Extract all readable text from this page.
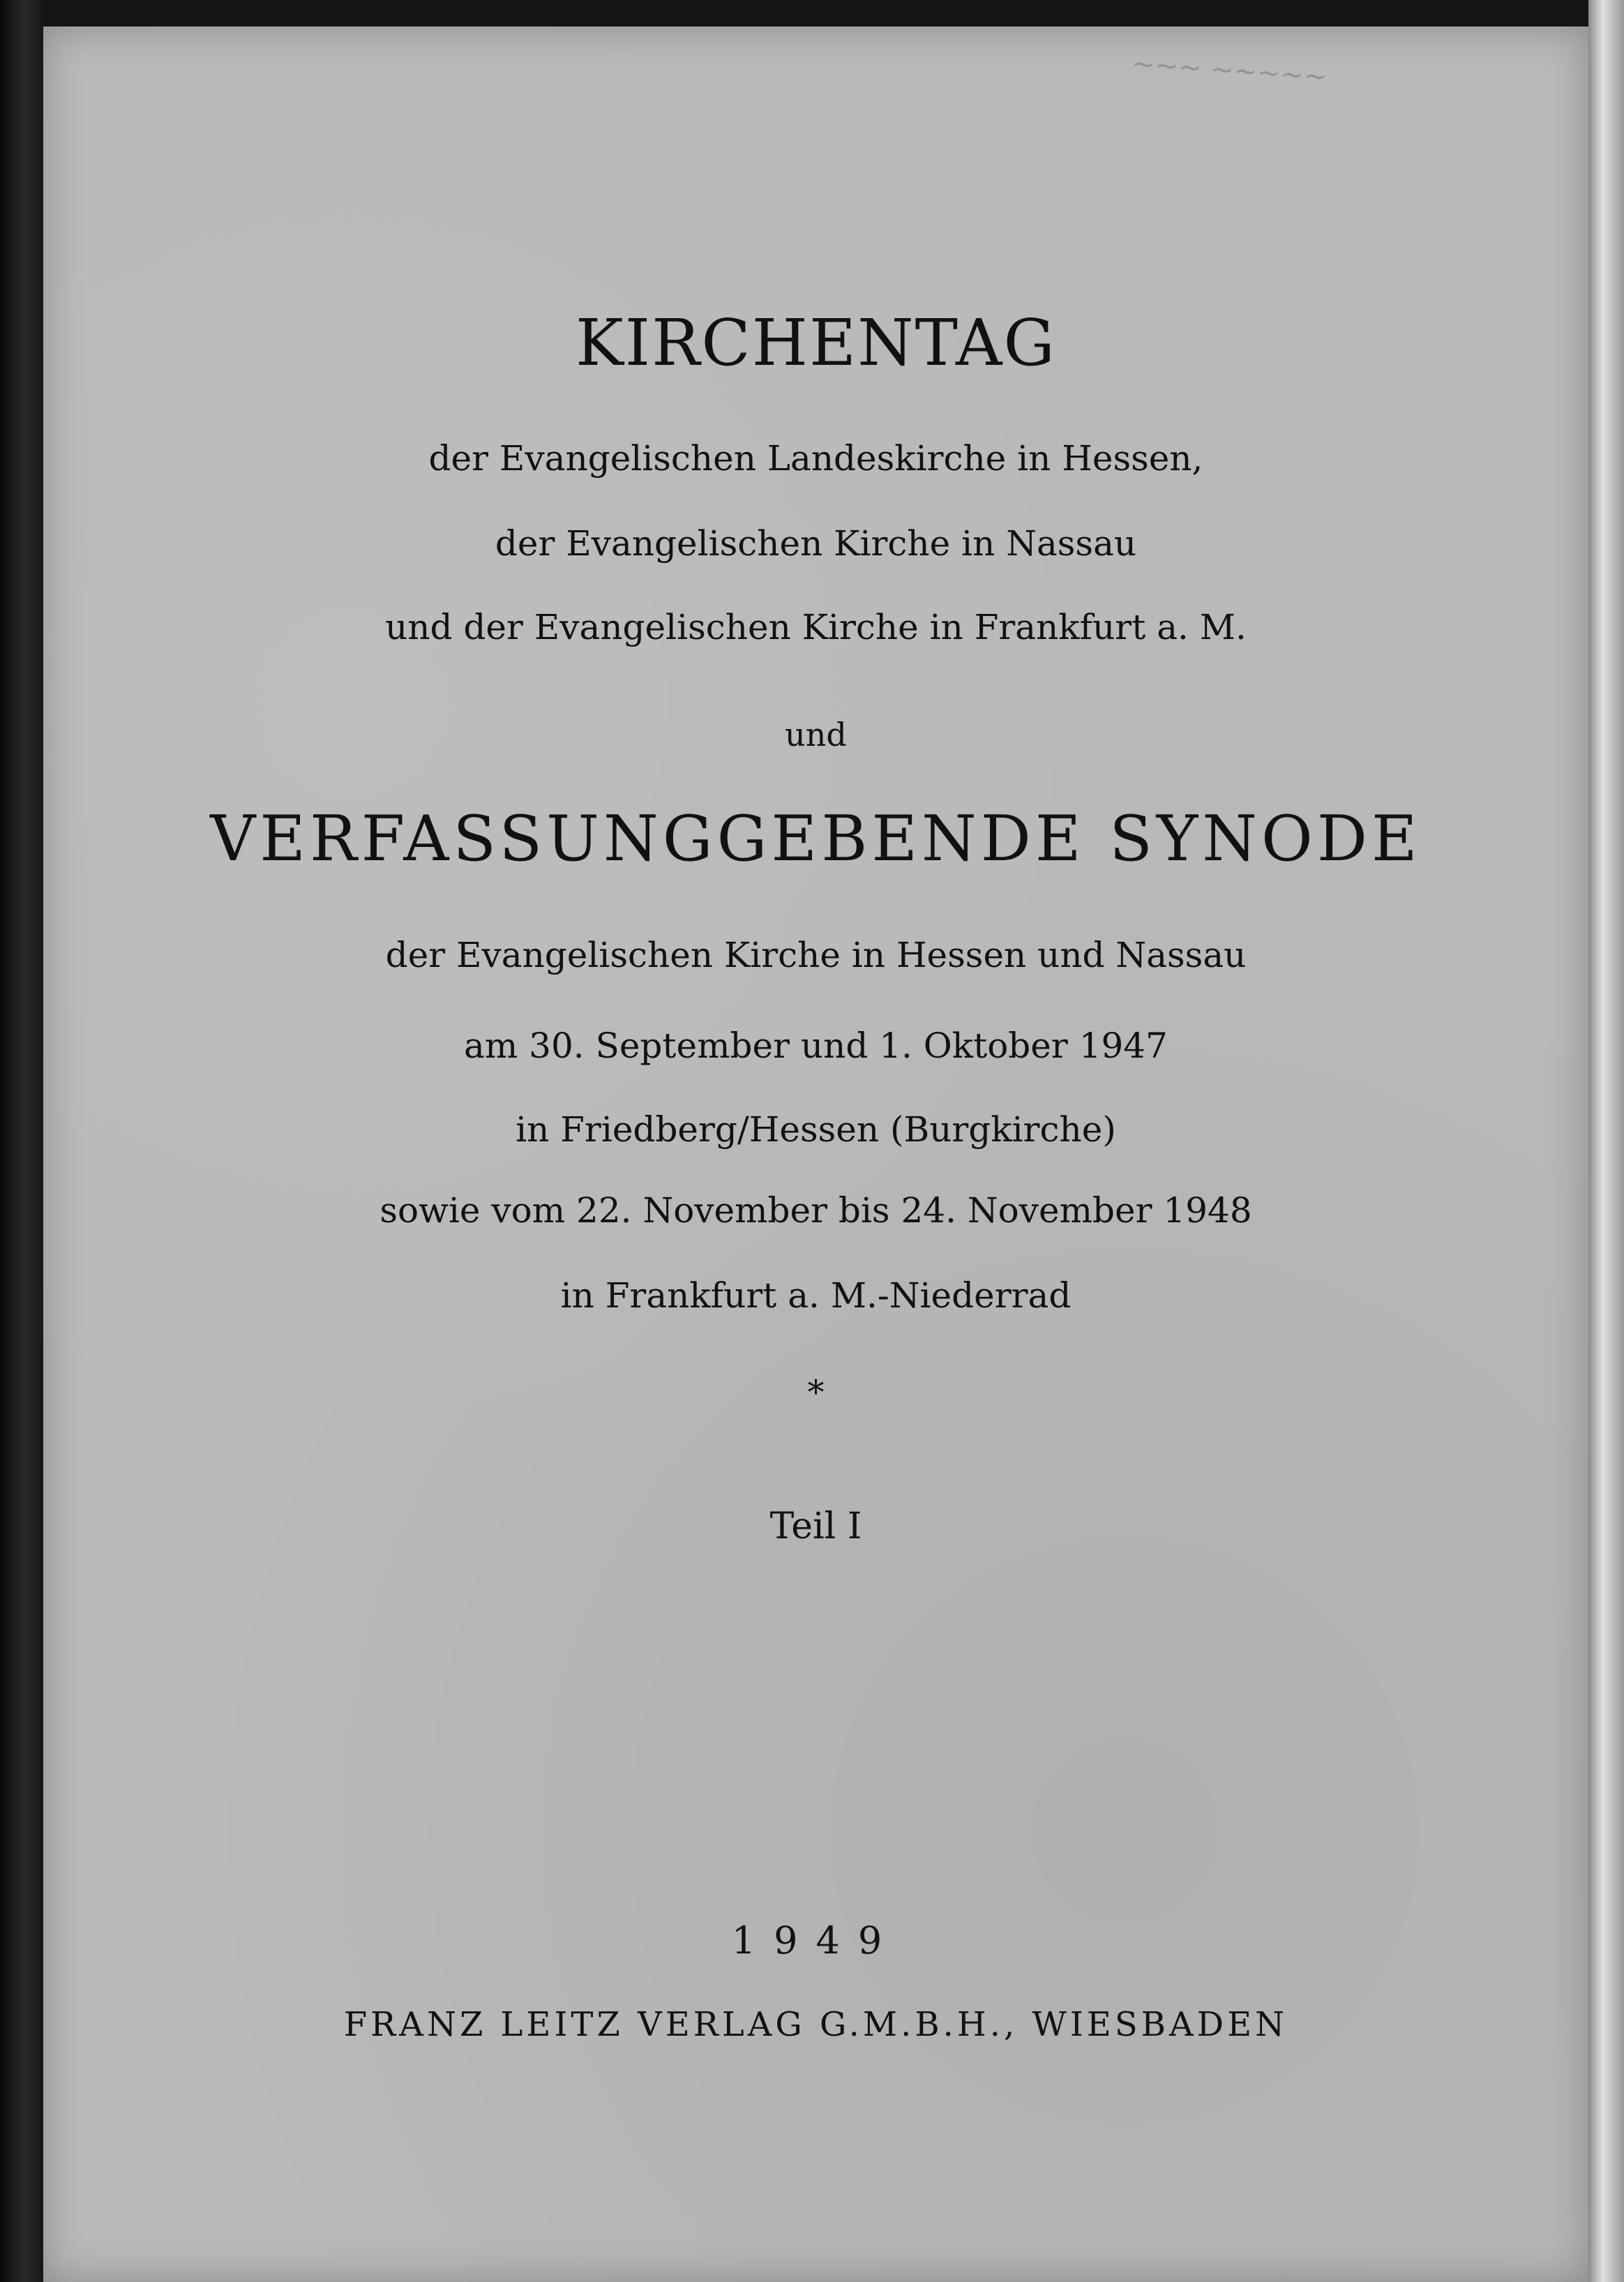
~~~ ~~~~~
KIRCHENTAG
der Evangelischen Landeskirche in Hessen,
der Evangelischen Kirche in Nassau
und der Evangelischen Kirche in Frankfurt a. M.
und
VERFASSUNGGEBENDE SYNODE
der Evangelischen Kirche in Hessen und Nassau
am 30. September und 1. Oktober 1947
in Friedberg/Hessen (Burgkirche)
sowie vom 22. November bis 24. November 1948
in Frankfurt a. M.-Niederrad
*
Teil I
1949
FRANZ LEITZ VERLAG G.M.B.H., WIESBADEN
